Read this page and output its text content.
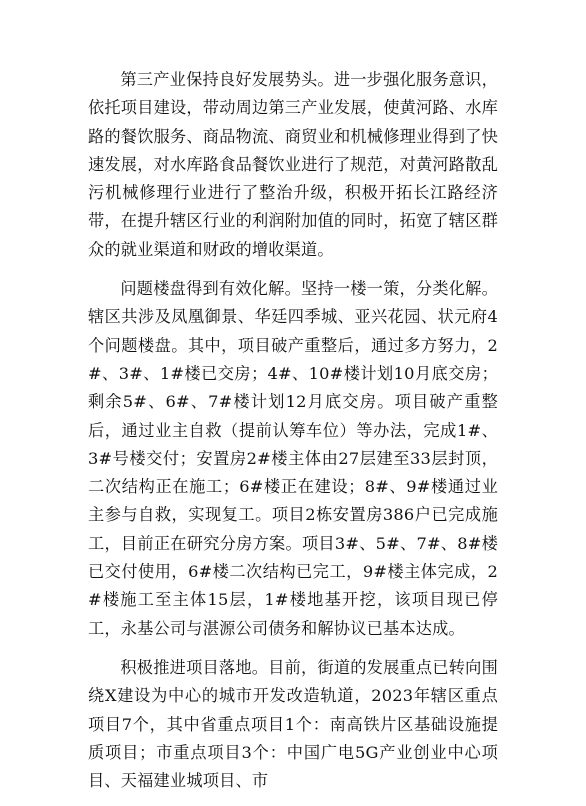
第三产业保持良好发展势头。进一步强化服务意识，依托项目建设，带动周边第三产业发展，使黄河路、水库路的餐饮服务、商品物流、商贸业和机械修理业得到了快速发展，对水库路食品餐饮业进行了规范，对黄河路散乱污机械修理行业进行了整治升级，积极开拓长江路经济带，在提升辖区行业的利润附加值的同时，拓宽了辖区群众的就业渠道和财政的增收渠道。

问题楼盘得到有效化解。坚持一楼一策，分类化解。辖区共涉及凤凰御景、华廷四季城、亚兴花园、状元府4个问题楼盘。其中，项目破产重整后，通过多方努力，2#、3#、1#楼已交房；4#、10#楼计划10月底交房；剩余5#、6#、7#楼计划12月底交房。项目破产重整后，通过业主自救（提前认筹车位）等办法，完成1#、3#号楼交付；安置房2#楼主体由27层建至33层封顶，二次结构正在施工；6#楼正在建设；8#、9#楼通过业主参与自救，实现复工。项目2栋安置房386户已完成施工，目前正在研究分房方案。项目3#、5#、7#、8#楼已交付使用，6#楼二次结构已完工，9#楼主体完成，2#楼施工至主体15层，1#楼地基开挖，该项目现已停工，永基公司与湛源公司债务和解协议已基本达成。

积极推进项目落地。目前，街道的发展重点已转向围绕X建设为中心的城市开发改造轨道，2023年辖区重点项目7个，其中省重点项目1个：南高铁片区基础设施提质项目；市重点项目3个：中国广电5G产业创业中心项目、天福建业城项目、市
